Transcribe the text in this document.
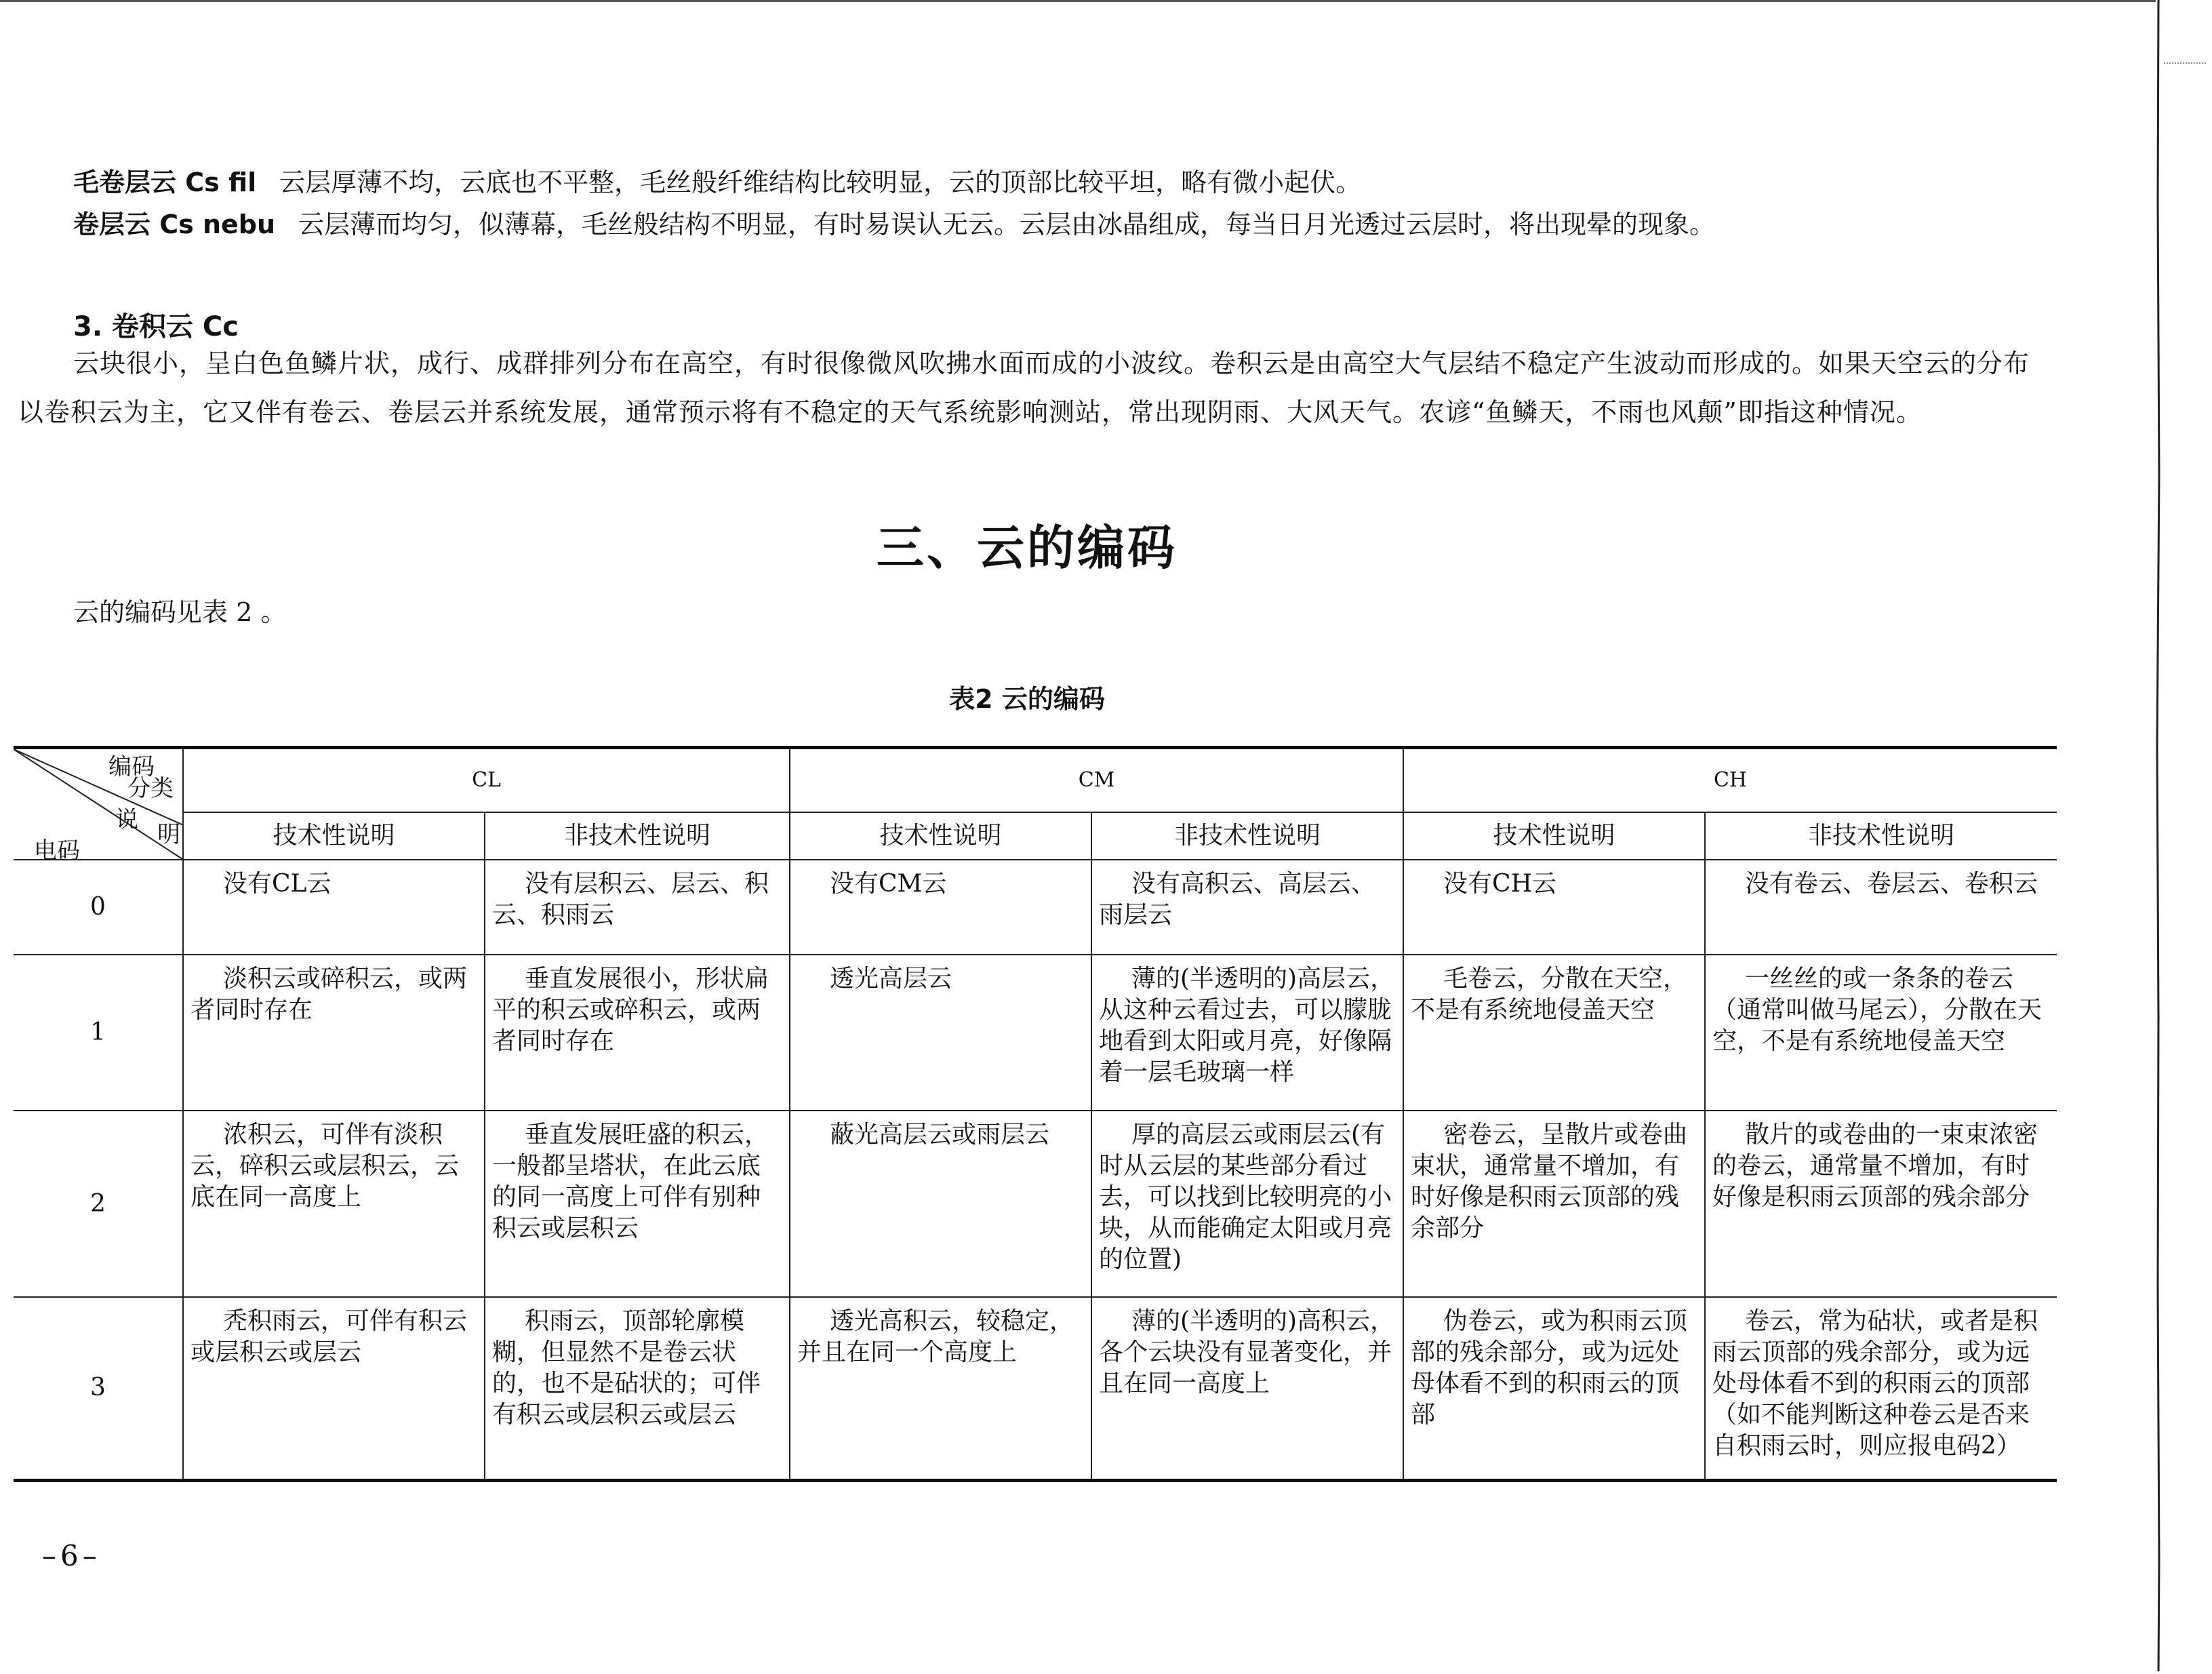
毛卷层云 Cs fil 云层厚薄不均，云底也不平整，毛丝般纤维结构比较明显，云的顶部比较平坦，略有微小起伏。

卷层云 Cs nebu 云层薄而均匀，似薄幕，毛丝般结构不明显，有时易误认无云。云层由冰晶组成，每当日月光透过云层时，将出现晕的现象。

3. 卷积云 Cc

云块很小，呈白色鱼鳞片状，成行、成群排列分布在高空，有时很像微风吹拂水面而成的小波纹。卷积云是由高空大气层结不稳定产生波动而形成的。如果天空云的分布以卷积云为主，它又伴有卷云、卷层云并系统发展，通常预示将有不稳定的天气系统影响测站，常出现阴雨、大风天气。农谚“鱼鳞天，不雨也风颠”即指这种情况。

三、云的编码

云的编码见表 2 。

表2 云的编码

编码
分类
说
明
电码	CL		CM		CH	
	技术性说明	非技术性说明	技术性说明	非技术性说明	技术性说明	非技术性说明
0	没有CL云	没有层积云、层云、积云、积雨云	没有CM云	没有高积云、高层云、雨层云	没有CH云	没有卷云、卷层云、卷积云
1	淡积云或碎积云，或两者同时存在	垂直发展很小，形状扁平的积云或碎积云，或两者同时存在	透光高层云	薄的(半透明的)高层云，从这种云看过去，可以朦胧地看到太阳或月亮，好像隔着一层毛玻璃一样	毛卷云，分散在天空，不是有系统地侵盖天空	一丝丝的或一条条的卷云（通常叫做马尾云），分散在天空，不是有系统地侵盖天空
2	浓积云，可伴有淡积云，碎积云或层积云，云底在同一高度上	垂直发展旺盛的积云，一般都呈塔状，在此云底的同一高度上可伴有别种积云或层积云	蔽光高层云或雨层云	厚的高层云或雨层云(有时从云层的某些部分看过去，可以找到比较明亮的小块，从而能确定太阳或月亮的位置)	密卷云，呈散片或卷曲束状，通常量不增加，有时好像是积雨云顶部的残余部分	散片的或卷曲的一束束浓密的卷云，通常量不增加，有时好像是积雨云顶部的残余部分
3	秃积雨云，可伴有积云或层积云或层云	积雨云，顶部轮廓模糊，但显然不是卷云状的，也不是砧状的；可伴有积云或层积云或层云	透光高积云，较稳定，并且在同一个高度上	薄的(半透明的)高积云，各个云块没有显著变化，并且在同一高度上	伪卷云，或为积雨云顶部的残余部分，或为远处母体看不到的积雨云的顶部	卷云，常为砧状，或者是积雨云顶部的残余部分，或为远处母体看不到的积雨云的顶部（如不能判断这种卷云是否来自积雨云时，则应报电码2）

–6–
